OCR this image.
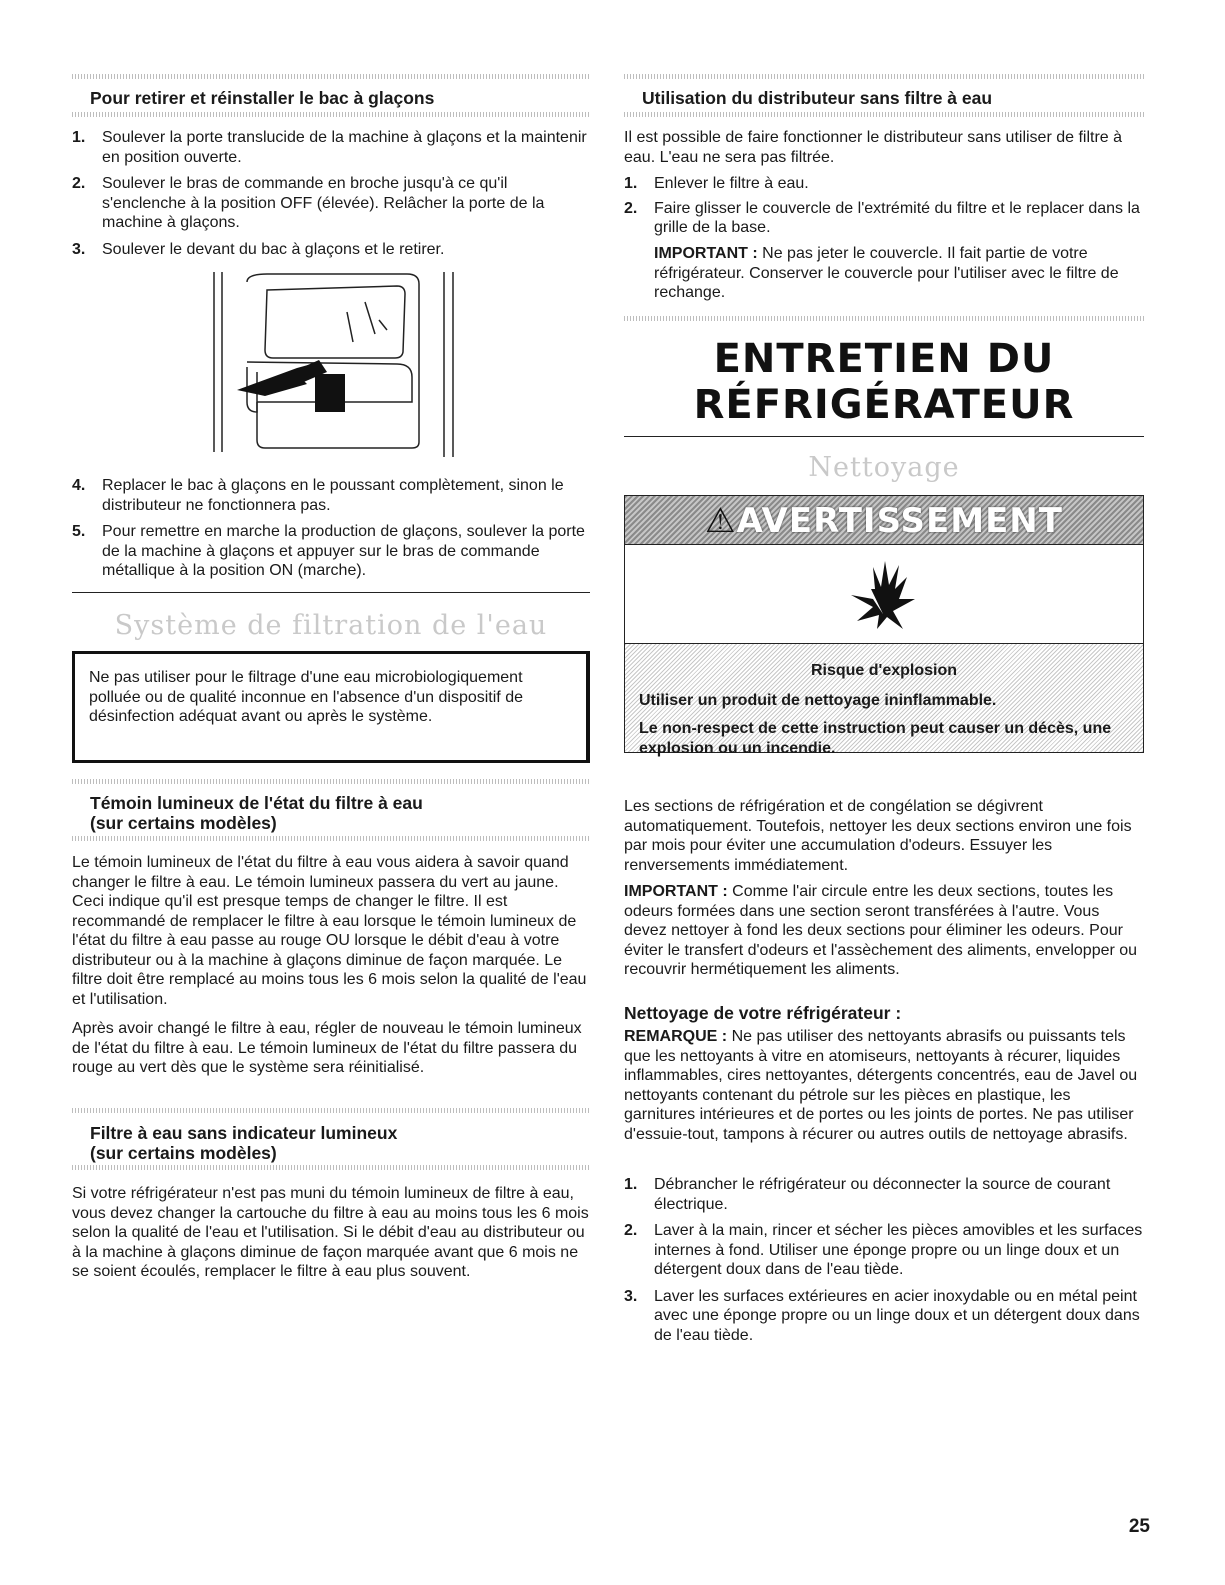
Pour retirer et réinstaller le bac à glaçons
1. Soulever la porte translucide de la machine à glaçons et la maintenir en position ouverte.
2. Soulever le bras de commande en broche jusqu'à ce qu'il s'enclenche à la position OFF (élevée). Relâcher la porte de la machine à glaçons.
3. Soulever le devant du bac à glaçons et le retirer.
4. Replacer le bac à glaçons en le poussant complètement, sinon le distributeur ne fonctionnera pas.
5. Pour remettre en marche la production de glaçons, soulever la porte de la machine à glaçons et appuyer sur le bras de commande métallique à la position ON (marche).
Système de filtration de l'eau

Ne pas utiliser pour le filtrage d'une eau microbiologiquement polluée ou de qualité inconnue en l'absence d'un dispositif de désinfection adéquat avant ou après le système.

Témoin lumineux de l'état du filtre à eau
(sur certains modèles)

Le témoin lumineux de l'état du filtre à eau vous aidera à savoir quand changer le filtre à eau. Le témoin lumineux passera du vert au jaune. Ceci indique qu'il est presque temps de changer le filtre. Il est recommandé de remplacer le filtre à eau lorsque le témoin lumineux de l'état du filtre à eau passe au rouge OU lorsque le débit d'eau à votre distributeur ou à la machine à glaçons diminue de façon marquée. Le filtre doit être remplacé au moins tous les 6 mois selon la qualité de l'eau et l'utilisation.

Après avoir changé le filtre à eau, régler de nouveau le témoin lumineux de l'état du filtre à eau. Le témoin lumineux de l'état du filtre passera du rouge au vert dès que le système sera réinitialisé.

Filtre à eau sans indicateur lumineux
(sur certains modèles)

Si votre réfrigérateur n'est pas muni du témoin lumineux de filtre à eau, vous devez changer la cartouche du filtre à eau au moins tous les 6 mois selon la qualité de l'eau et l'utilisation. Si le débit d'eau au distributeur ou à la machine à glaçons diminue de façon marquée avant que 6 mois ne se soient écoulés, remplacer le filtre à eau plus souvent.

Utilisation du distributeur sans filtre à eau

Il est possible de faire fonctionner le distributeur sans utiliser de filtre à eau. L'eau ne sera pas filtrée.

1. Enlever le filtre à eau.
2. Faire glisser le couvercle de l'extrémité du filtre et le replacer dans la grille de la base.

IMPORTANT : Ne pas jeter le couvercle. Il fait partie de votre réfrigérateur. Conserver le couvercle pour l'utiliser avec le filtre de rechange.

ENTRETIEN DU
RÉFRIGÉRATEUR
Nettoyage
⚠AVERTISSEMENT
Risque d'explosion
Utiliser un produit de nettoyage ininflammable.
Le non-respect de cette instruction peut causer un décès, une explosion ou un incendie.

Les sections de réfrigération et de congélation se dégivrent automatiquement. Toutefois, nettoyer les deux sections environ une fois par mois pour éviter une accumulation d'odeurs. Essuyer les renversements immédiatement.

IMPORTANT : Comme l'air circule entre les deux sections, toutes les odeurs formées dans une section seront transférées à l'autre. Vous devez nettoyer à fond les deux sections pour éliminer les odeurs. Pour éviter le transfert d'odeurs et l'assèchement des aliments, envelopper ou recouvrir hermétiquement les aliments.

Nettoyage de votre réfrigérateur :

REMARQUE : Ne pas utiliser des nettoyants abrasifs ou puissants tels que les nettoyants à vitre en atomiseurs, nettoyants à récurer, liquides inflammables, cires nettoyantes, détergents concentrés, eau de Javel ou nettoyants contenant du pétrole sur les pièces en plastique, les garnitures intérieures et de portes ou les joints de portes. Ne pas utiliser d'essuie-tout, tampons à récurer ou autres outils de nettoyage abrasifs.

1. Débrancher le réfrigérateur ou déconnecter la source de courant électrique.
2. Laver à la main, rincer et sécher les pièces amovibles et les surfaces internes à fond. Utiliser une éponge propre ou un linge doux et un détergent doux dans de l'eau tiède.
3. Laver les surfaces extérieures en acier inoxydable ou en métal peint avec une éponge propre ou un linge doux et un détergent doux dans de l'eau tiède.
25
